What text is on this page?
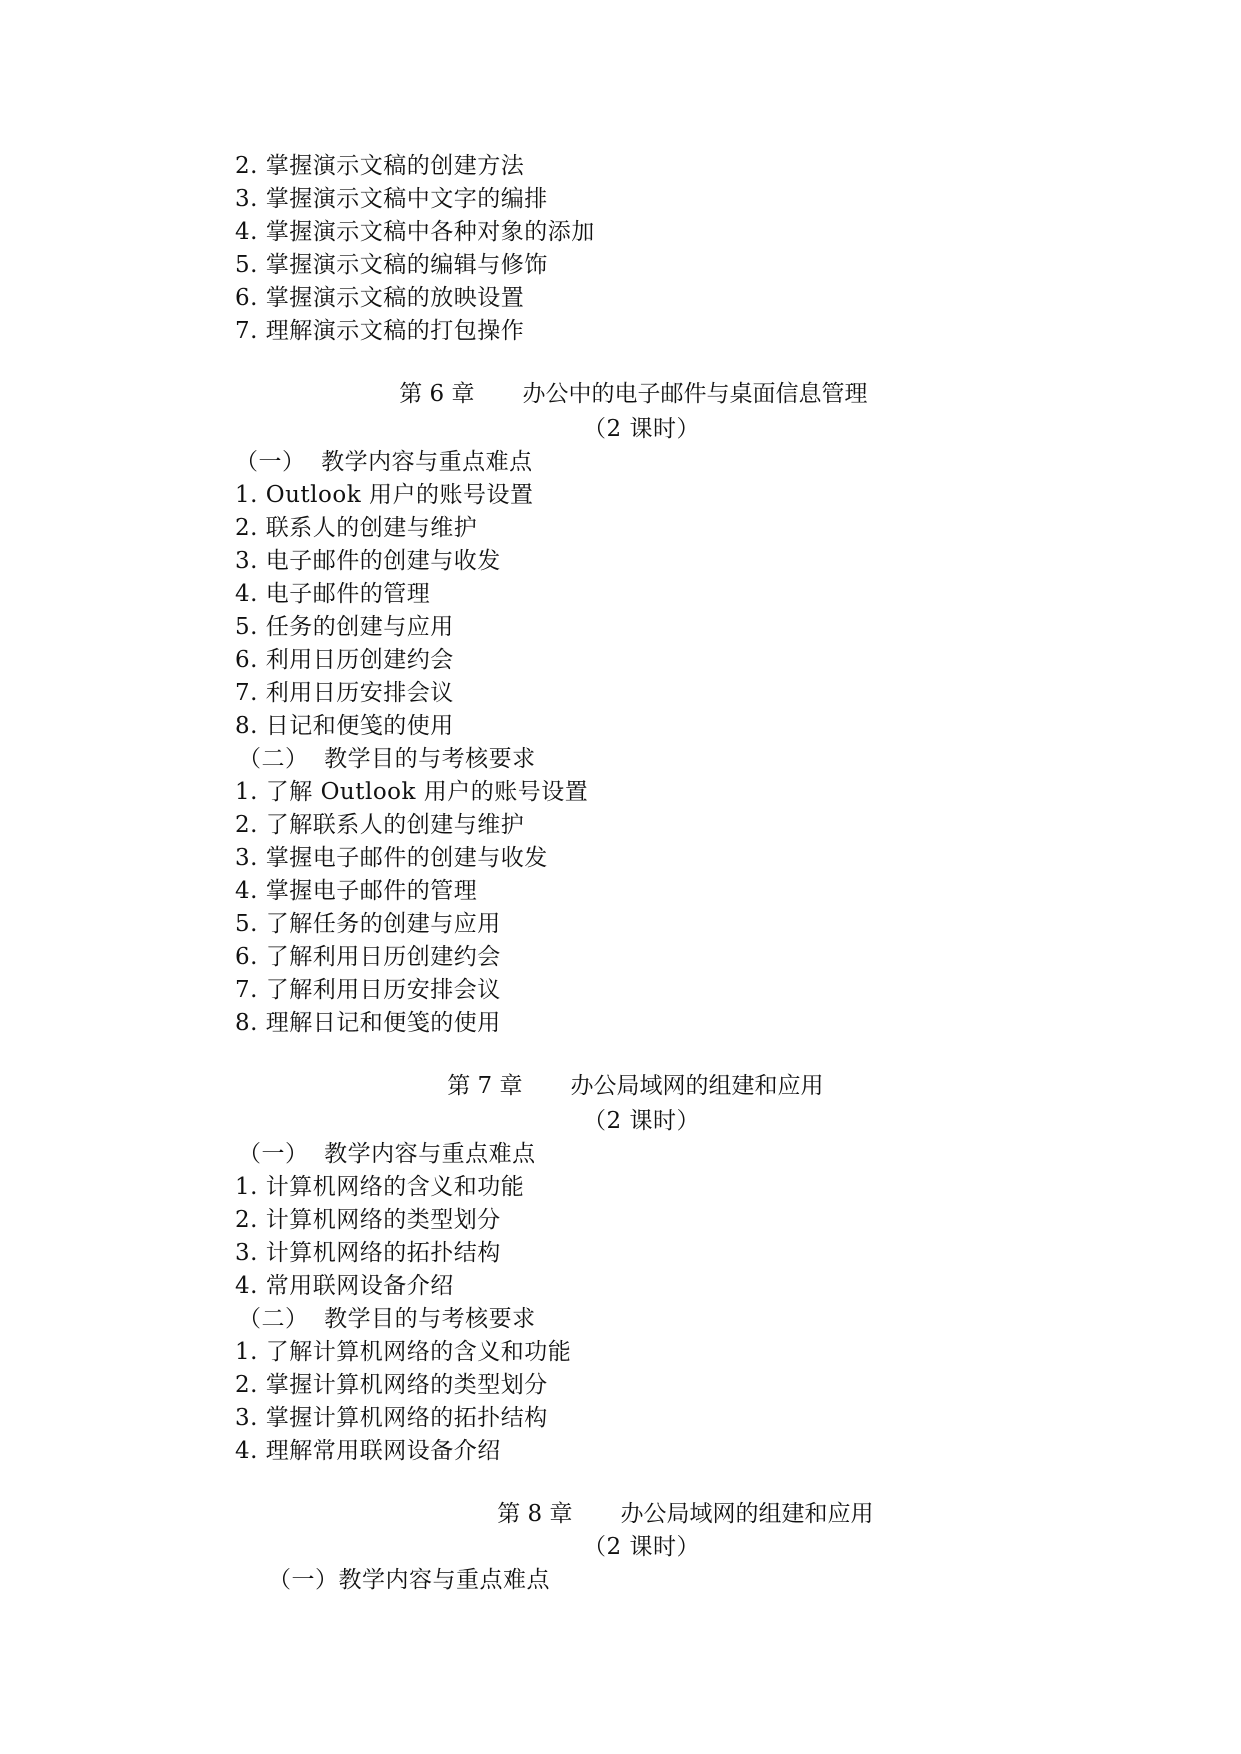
2. 掌握演示文稿的创建方法
3. 掌握演示文稿中文字的编排
4. 掌握演示文稿中各种对象的添加
5. 掌握演示文稿的编辑与修饰
6. 掌握演示文稿的放映设置
7. 理解演示文稿的打包操作

第 6 章 办公中的电子邮件与桌面信息管理

（2 课时）
（一）  教学内容与重点难点
1. Outlook 用户的账号设置
2. 联系人的创建与维护
3. 电子邮件的创建与收发
4. 电子邮件的管理
5. 任务的创建与应用
6. 利用日历创建约会
7. 利用日历安排会议
8. 日记和便笺的使用
（二）  教学目的与考核要求
1. 了解 Outlook 用户的账号设置
2. 了解联系人的创建与维护
3. 掌握电子邮件的创建与收发
4. 掌握电子邮件的管理
5. 了解任务的创建与应用
6. 了解利用日历创建约会
7. 了解利用日历安排会议
8. 理解日记和便笺的使用

第 7 章 办公局域网的组建和应用

（2 课时）
（一）  教学内容与重点难点
1. 计算机网络的含义和功能
2. 计算机网络的类型划分
3. 计算机网络的拓扑结构
4. 常用联网设备介绍
（二）  教学目的与考核要求
1. 了解计算机网络的含义和功能
2. 掌握计算机网络的类型划分
3. 掌握计算机网络的拓扑结构
4. 理解常用联网设备介绍

第 8 章 办公局域网的组建和应用

（2 课时）
（一）教学内容与重点难点
